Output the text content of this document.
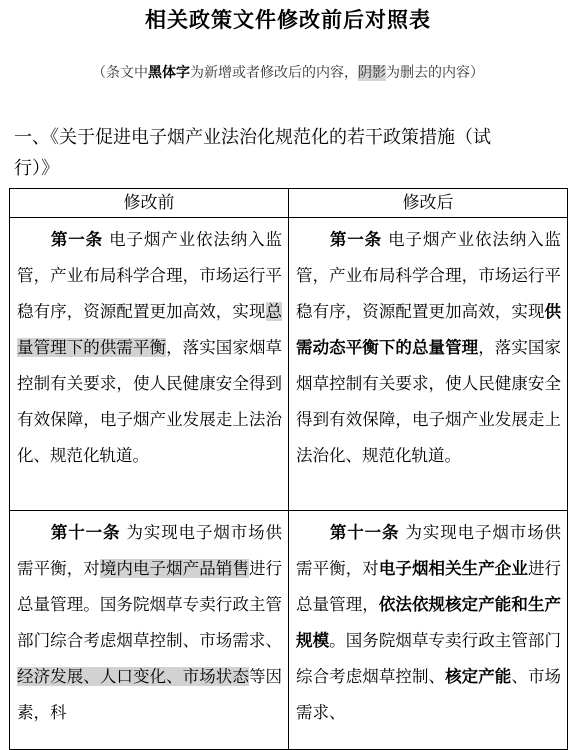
相关政策文件修改前后对照表
（条文中黑体字为新增或者修改后的内容，阴影为删去的内容）
一、《关于促进电子烟产业法治化规范化的若干政策措施（试行）》
修改前	修改后

第一条 电子烟产业依法纳入监管，产业布局科学合理，市场运行平稳有序，资源配置更加高效，实现总量管理下的供需平衡，落实国家烟草控制有关要求，使人民健康安全得到有效保障，电子烟产业发展走上法治化、规范化轨道。	第一条 电子烟产业依法纳入监管，产业布局科学合理，市场运行平稳有序，资源配置更加高效，实现供需动态平衡下的总量管理，落实国家烟草控制有关要求，使人民健康安全得到有效保障，电子烟产业发展走上法治化、规范化轨道。

第十一条 为实现电子烟市场供需平衡，对境内电子烟产品销售进行总量管理。国务院烟草专卖行政主管部门综合考虑烟草控制、市场需求、经济发展、人口变化、市场状态等因素，科	第十一条 为实现电子烟市场供需平衡，对电子烟相关生产企业进行总量管理，依法依规核定产能和生产规模。国务院烟草专卖行政主管部门综合考虑烟草控制、核定产能、市场需求、
